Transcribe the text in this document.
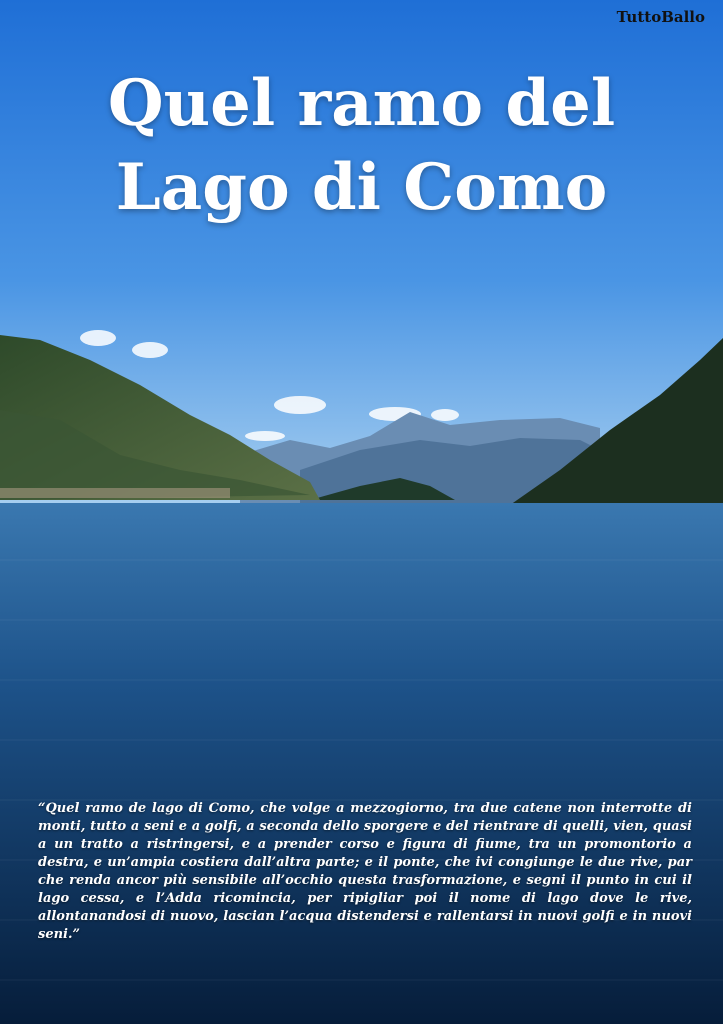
TuttoBallo
Quel ramo del
Lago di Como
“Quel ramo de lago di Como, che volge a mezzogiorno, tra due catene non interrotte di monti, tutto a seni e a golfi, a seconda dello sporgere e del rientrare di quelli, vien, quasi a un tratto a ristringersi, e a prender corso e figura di fiume, tra un promontorio a destra, e un’ampia costiera dall’altra parte; e il ponte, che ivi congiunge le due rive, par che renda ancor più sensibile all’occhio questa trasformazione, e segni il punto in cui il lago cessa, e l’Adda ricomincia, per ripigliar poi il nome di lago dove le rive, allontanandosi di nuovo, lascian l’acqua distendersi e rallentarsi in nuovi golfi e in nuovi seni.”
